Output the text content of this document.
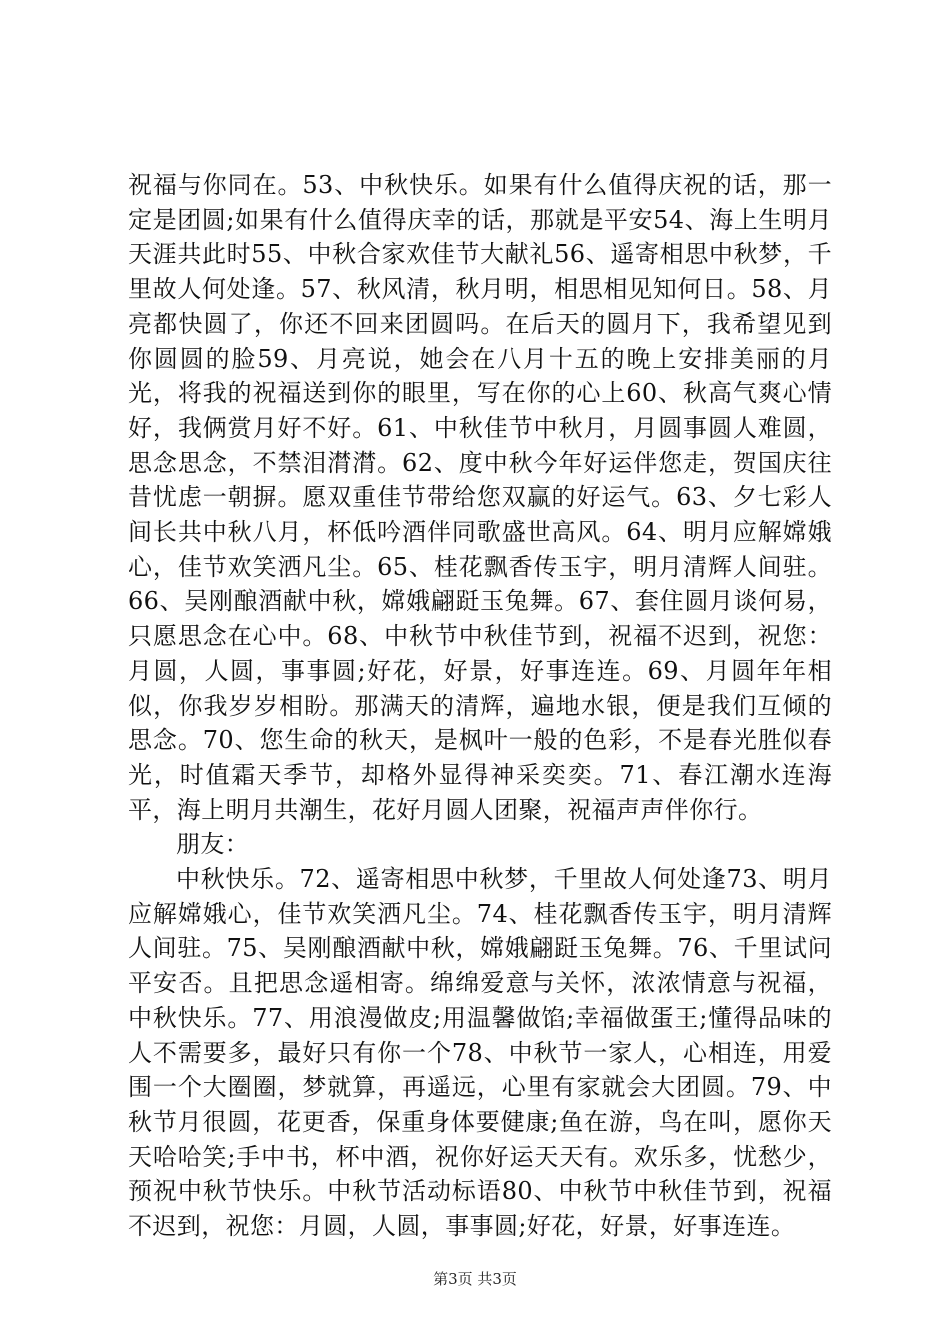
祝福与你同在。53、中秋快乐。如果有什么值得庆祝的话，那一定是团圆;如果有什么值得庆幸的话，那就是平安54、海上生明月天涯共此时55、中秋合家欢佳节大献礼56、遥寄相思中秋梦，千里故人何处逢。57、秋风清，秋月明，相思相见知何日。58、月亮都快圆了，你还不回来团圆吗。在后天的圆月下，我希望见到你圆圆的脸59、月亮说，她会在八月十五的晚上安排美丽的月光，将我的祝福送到你的眼里，写在你的心上60、秋高气爽心情好，我俩赏月好不好。61、中秋佳节中秋月，月圆事圆人难圆，思念思念，不禁泪潸潸。62、度中秋今年好运伴您走，贺国庆往昔忧虑一朝摒。愿双重佳节带给您双赢的好运气。63、夕七彩人间长共中秋八月，杯低吟酒伴同歌盛世高风。64、明月应解嫦娥心，佳节欢笑洒凡尘。65、桂花飘香传玉宇，明月清辉人间驻。66、吴刚酿酒献中秋，嫦娥翩跹玉兔舞。67、套住圆月谈何易，只愿思念在心中。68、中秋节中秋佳节到，祝福不迟到，祝您：月圆，人圆，事事圆;好花，好景，好事连连。69、月圆年年相似，你我岁岁相盼。那满天的清辉，遍地水银，便是我们互倾的思念。70、您生命的秋天，是枫叶一般的色彩，不是春光胜似春光，时值霜天季节，却格外显得神采奕奕。71、春江潮水连海平，海上明月共潮生，花好月圆人团聚，祝福声声伴你行。

朋友：

中秋快乐。72、遥寄相思中秋梦，千里故人何处逢73、明月应解嫦娥心，佳节欢笑洒凡尘。74、桂花飘香传玉宇，明月清辉人间驻。75、吴刚酿酒献中秋，嫦娥翩跹玉兔舞。76、千里试问平安否。且把思念遥相寄。绵绵爱意与关怀，浓浓情意与祝福，中秋快乐。77、用浪漫做皮;用温馨做馅;幸福做蛋王;懂得品味的人不需要多，最好只有你一个78、中秋节一家人，心相连，用爱围一个大圈圈，梦就算，再遥远，心里有家就会大团圆。79、中秋节月很圆，花更香，保重身体要健康;鱼在游，鸟在叫，愿你天天哈哈笑;手中书，杯中酒，祝你好运天天有。欢乐多，忧愁少，预祝中秋节快乐。中秋节活动标语80、中秋节中秋佳节到，祝福不迟到，祝您：月圆，人圆，事事圆;好花，好景，好事连连。

第3页 共3页
